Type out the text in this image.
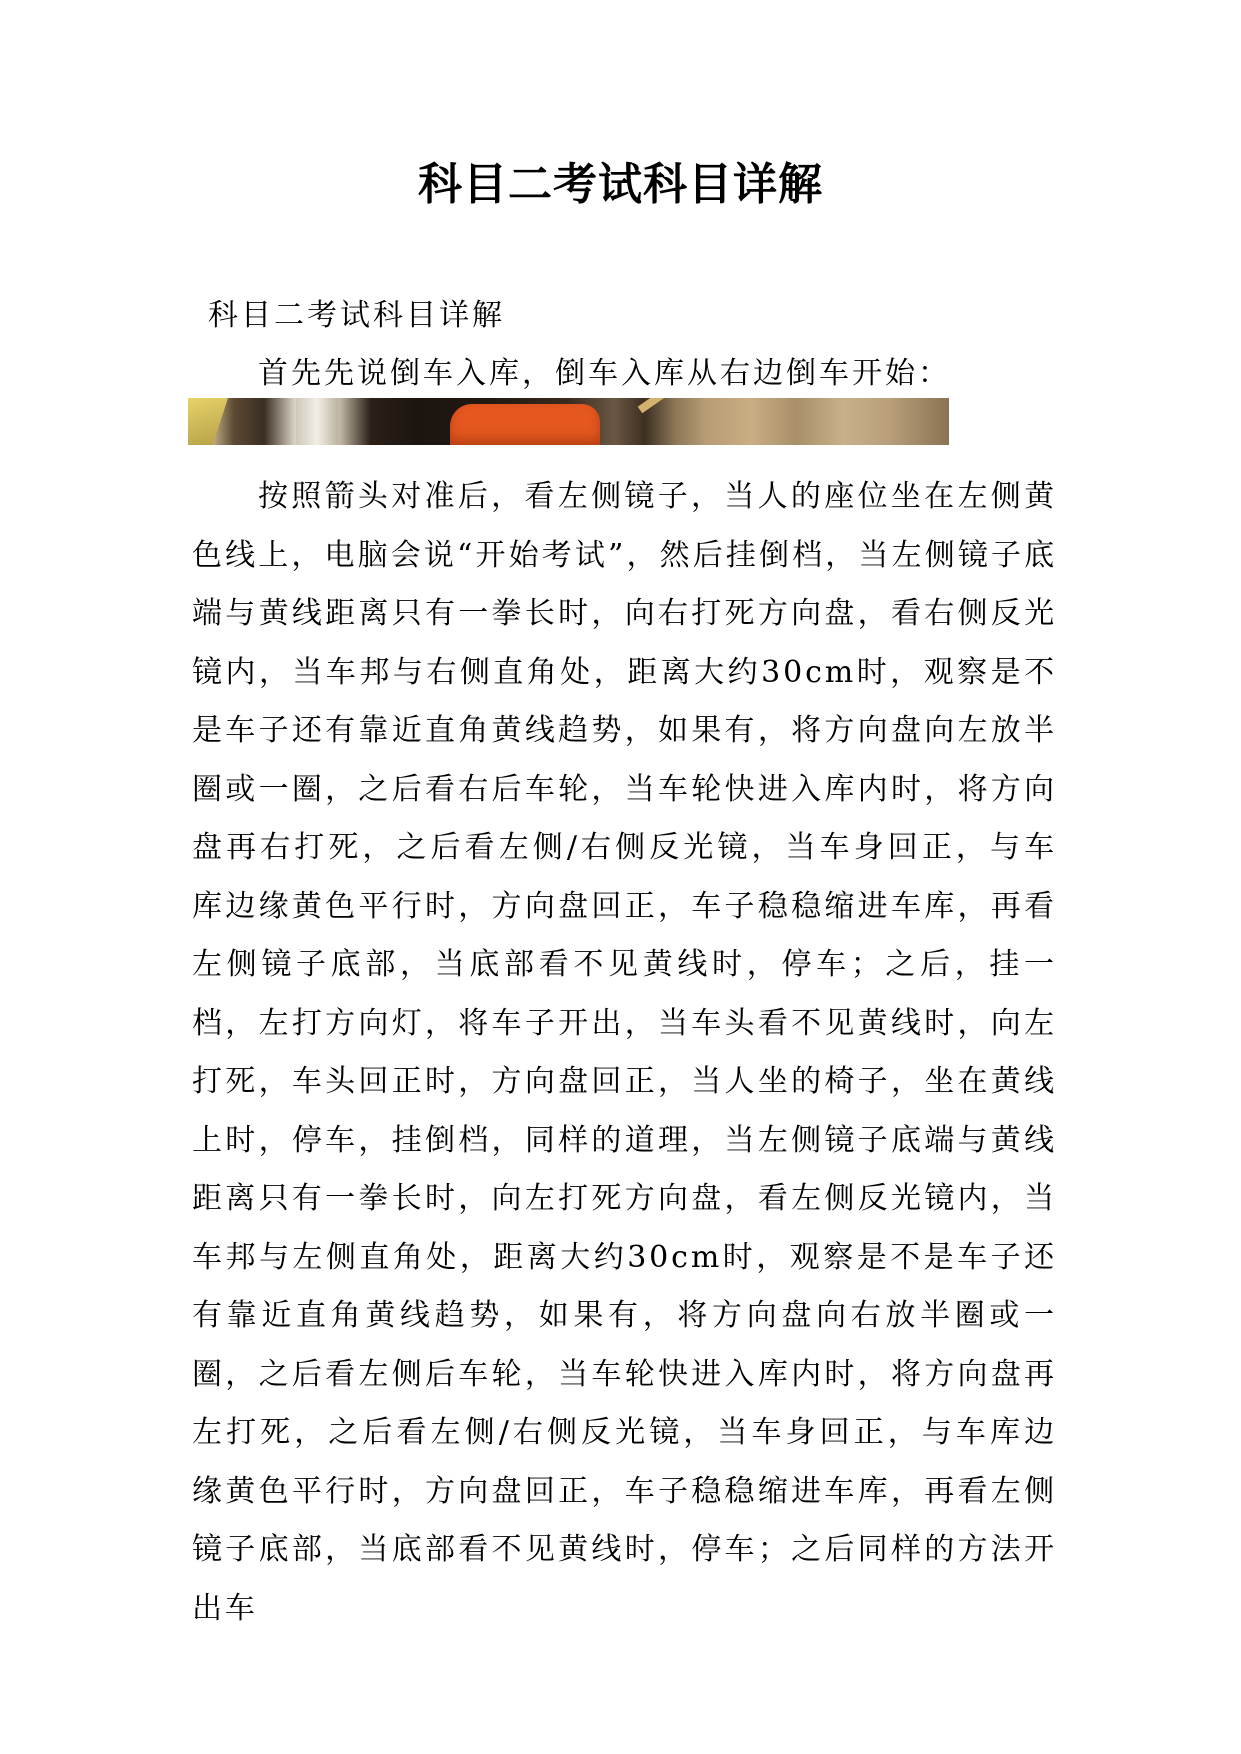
科目二考试科目详解
科目二考试科目详解
首先先说倒车入库，倒车入库从右边倒车开始：
按照箭头对准后，看左侧镜子，当人的座位坐在左侧黄色线上，电脑会说“开始考试”，然后挂倒档，当左侧镜子底端与黄线距离只有一拳长时，向右打死方向盘，看右侧反光镜内，当车邦与右侧直角处，距离大约30cm时，观察是不是车子还有靠近直角黄线趋势，如果有，将方向盘向左放半圈或一圈，之后看右后车轮，当车轮快进入库内时，将方向盘再右打死，之后看左侧/右侧反光镜，当车身回正，与车库边缘黄色平行时，方向盘回正，车子稳稳缩进车库，再看左侧镜子底部，当底部看不见黄线时，停车；之后，挂一档，左打方向灯，将车子开出，当车头看不见黄线时，向左打死，车头回正时，方向盘回正，当人坐的椅子，坐在黄线上时，停车，挂倒档，同样的道理，当左侧镜子底端与黄线距离只有一拳长时，向左打死方向盘，看左侧反光镜内，当车邦与左侧直角处，距离大约30cm时，观察是不是车子还有靠近直角黄线趋势，如果有，将方向盘向右放半圈或一圈，之后看左侧后车轮，当车轮快进入库内时，将方向盘再左打死，之后看左侧/右侧反光镜，当车身回正，与车库边缘黄色平行时，方向盘回正，车子稳稳缩进车库，再看左侧镜子底部，当底部看不见黄线时，停车；之后同样的方法开出车
